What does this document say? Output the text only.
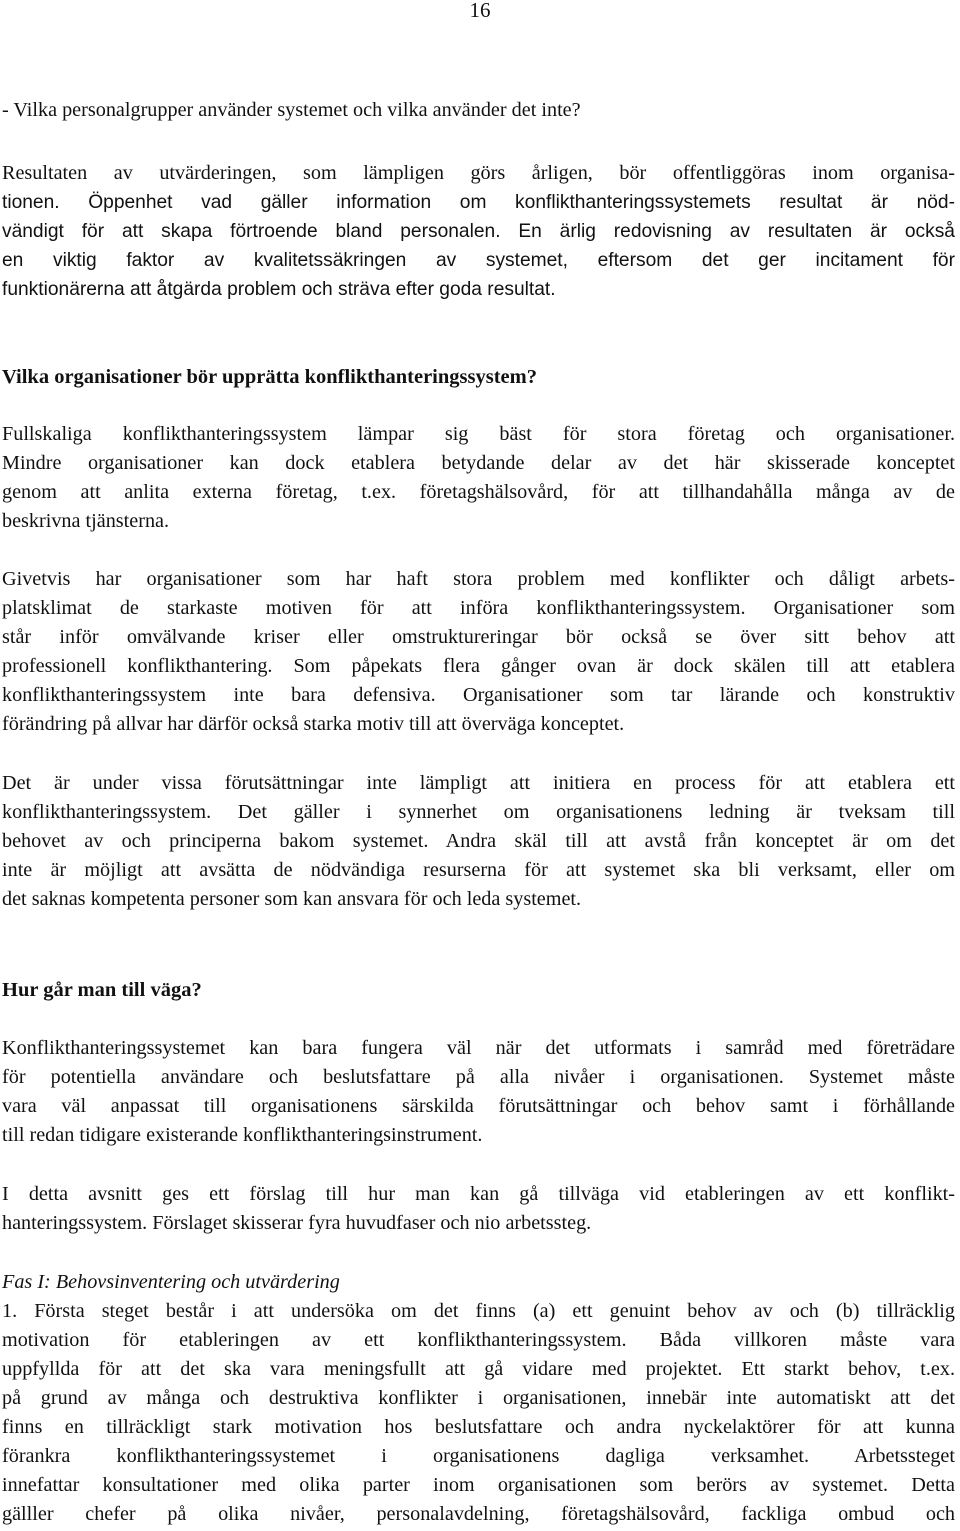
16

- Vilka personalgrupper använder systemet och vilka använder det inte?

Resultaten av utvärderingen, som lämpligen görs årligen, bör offentliggöras inom organisa-
tionen. Öppenhet vad gäller information om konflikthanteringssystemets resultat är nöd-
vändigt för att skapa förtroende bland personalen. En ärlig redovisning av resultaten är också
en viktig faktor av kvalitetssäkringen av systemet, eftersom det ger incitament för
funktionärerna att åtgärda problem och sträva efter goda resultat.
Vilka organisationer bör upprätta konflikthanteringssystem?
Fullskaliga konflikthanteringssystem lämpar sig bäst för stora företag och organisationer.
Mindre organisationer kan dock etablera betydande delar av det här skisserade konceptet
genom att anlita externa företag, t.ex. företagshälsovård, för att tillhandahålla många av de
beskrivna tjänsterna.
Givetvis har organisationer som har haft stora problem med konflikter och dåligt arbets-
platsklimat de starkaste motiven för att införa konflikthanteringssystem. Organisationer som
står inför omvälvande kriser eller omstruktureringar bör också se över sitt behov att
professionell konflikthantering. Som påpekats flera gånger ovan är dock skälen till att etablera
konflikthanteringssystem inte bara defensiva. Organisationer som tar lärande och konstruktiv
förändring på allvar har därför också starka motiv till att överväga konceptet.
Det är under vissa förutsättningar inte lämpligt att initiera en process för att etablera ett
konflikthanteringssystem. Det gäller i synnerhet om organisationens ledning är tveksam till
behovet av och principerna bakom systemet. Andra skäl till att avstå från konceptet är om det
inte är möjligt att avsätta de nödvändiga resurserna för att systemet ska bli verksamt, eller om
det saknas kompetenta personer som kan ansvara för och leda systemet.
Hur går man till väga?
Konflikthanteringssystemet kan bara fungera väl när det utformats i samråd med företrädare
för potentiella användare och beslutsfattare på alla nivåer i organisationen. Systemet måste
vara väl anpassat till organisationens särskilda förutsättningar och behov samt i förhållande
till redan tidigare existerande konflikthanteringsinstrument.
I detta avsnitt ges ett förslag till hur man kan gå tillväga vid etableringen av ett konflikt-
hanteringssystem. Förslaget skisserar fyra huvudfaser och nio arbetssteg.
Fas I: Behovsinventering och utvärdering
1. Första steget består i att undersöka om det finns (a) ett genuint behov av och (b) tillräcklig
motivation för etableringen av ett konflikthanteringssystem. Båda villkoren måste vara
uppfyllda för att det ska vara meningsfullt att gå vidare med projektet. Ett starkt behov, t.ex.
på grund av många och destruktiva konflikter i organisationen, innebär inte automatiskt att det
finns en tillräckligt stark motivation hos beslutsfattare och andra nyckelaktörer för att kunna
förankra konflikthanteringssystemet i organisationens dagliga verksamhet. Arbetssteget
innefattar konsultationer med olika parter inom organisationen som berörs av systemet. Detta
gälller chefer på olika nivåer, personalavdelning, företagshälsovård, fackliga ombud och
